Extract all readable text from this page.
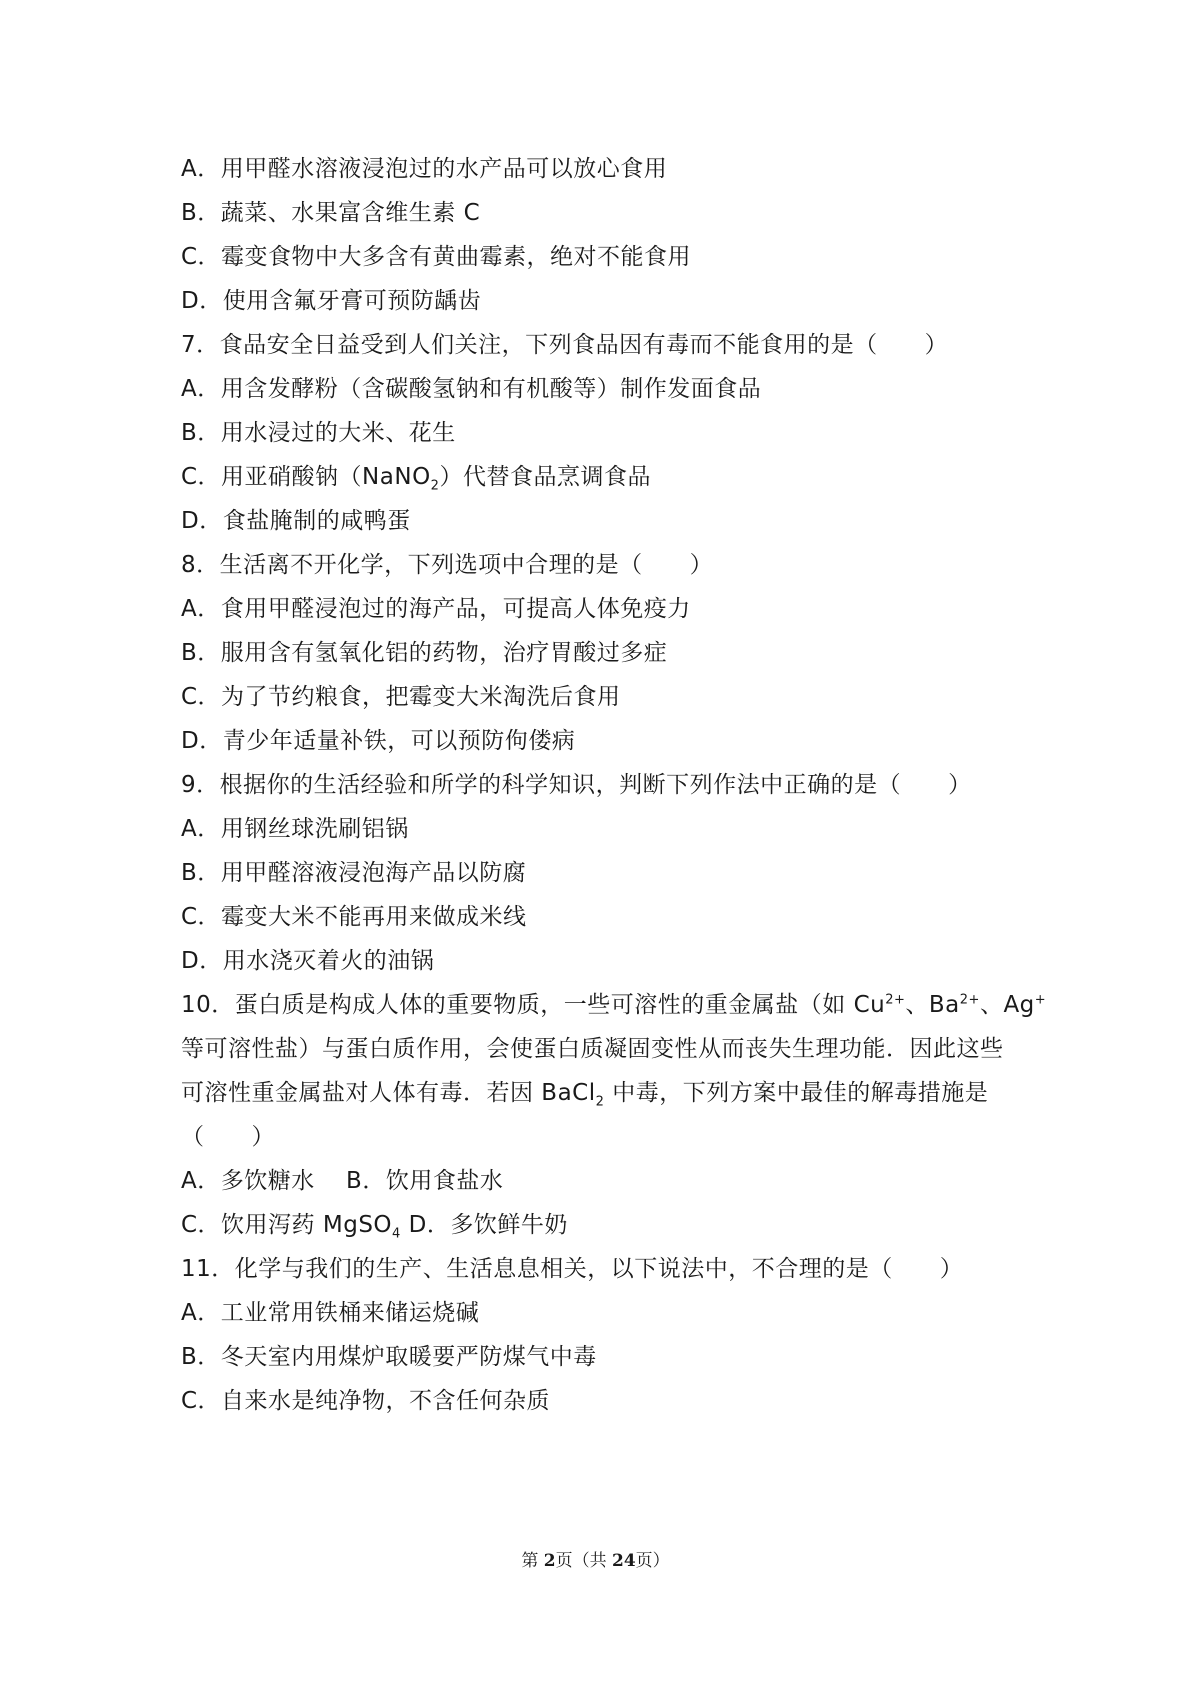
A．用甲醛水溶液浸泡过的水产品可以放心食用
B．蔬菜、水果富含维生素 C
C．霉变食物中大多含有黄曲霉素，绝对不能食用
D．使用含氟牙膏可预防龋齿
7．食品安全日益受到人们关注，下列食品因有毒而不能食用的是（　　）
A．用含发酵粉（含碳酸氢钠和有机酸等）制作发面食品
B．用水浸过的大米、花生
C．用亚硝酸钠（NaNO$_2$）代替食品烹调食品
D．食盐腌制的咸鸭蛋
8．生活离不开化学，下列选项中合理的是（　　）
A．食用甲醛浸泡过的海产品，可提高人体免疫力
B．服用含有氢氧化铝的药物，治疗胃酸过多症
C．为了节约粮食，把霉变大米淘洗后食用
D．青少年适量补铁，可以预防佝偻病
9．根据你的生活经验和所学的科学知识，判断下列作法中正确的是（　　）
A．用钢丝球洗刷铝锅
B．用甲醛溶液浸泡海产品以防腐
C．霉变大米不能再用来做成米线
D．用水浇灭着火的油锅
10．蛋白质是构成人体的重要物质，一些可溶性的重金属盐（如 $Cu^{2+}$、$Ba^{2+}$、Ag+
等可溶性盐）与蛋白质作用，会使蛋白质凝固变性从而丧失生理功能．因此这些
可溶性重金属盐对人体有毒．若因 BaCl$_2$ 中毒，下列方案中最佳的解毒措施是
（　　）
A．多饮糖水　 B．饮用食盐水
C．饮用泻药 MgSO$_4$ D．多饮鲜牛奶
11．化学与我们的生产、生活息息相关，以下说法中，不合理的是（　　）
A．工业常用铁桶来储运烧碱
B．冬天室内用煤炉取暖要严防煤气中毒
C．自来水是纯净物，不含任何杂质
第 2页（共 24页）
